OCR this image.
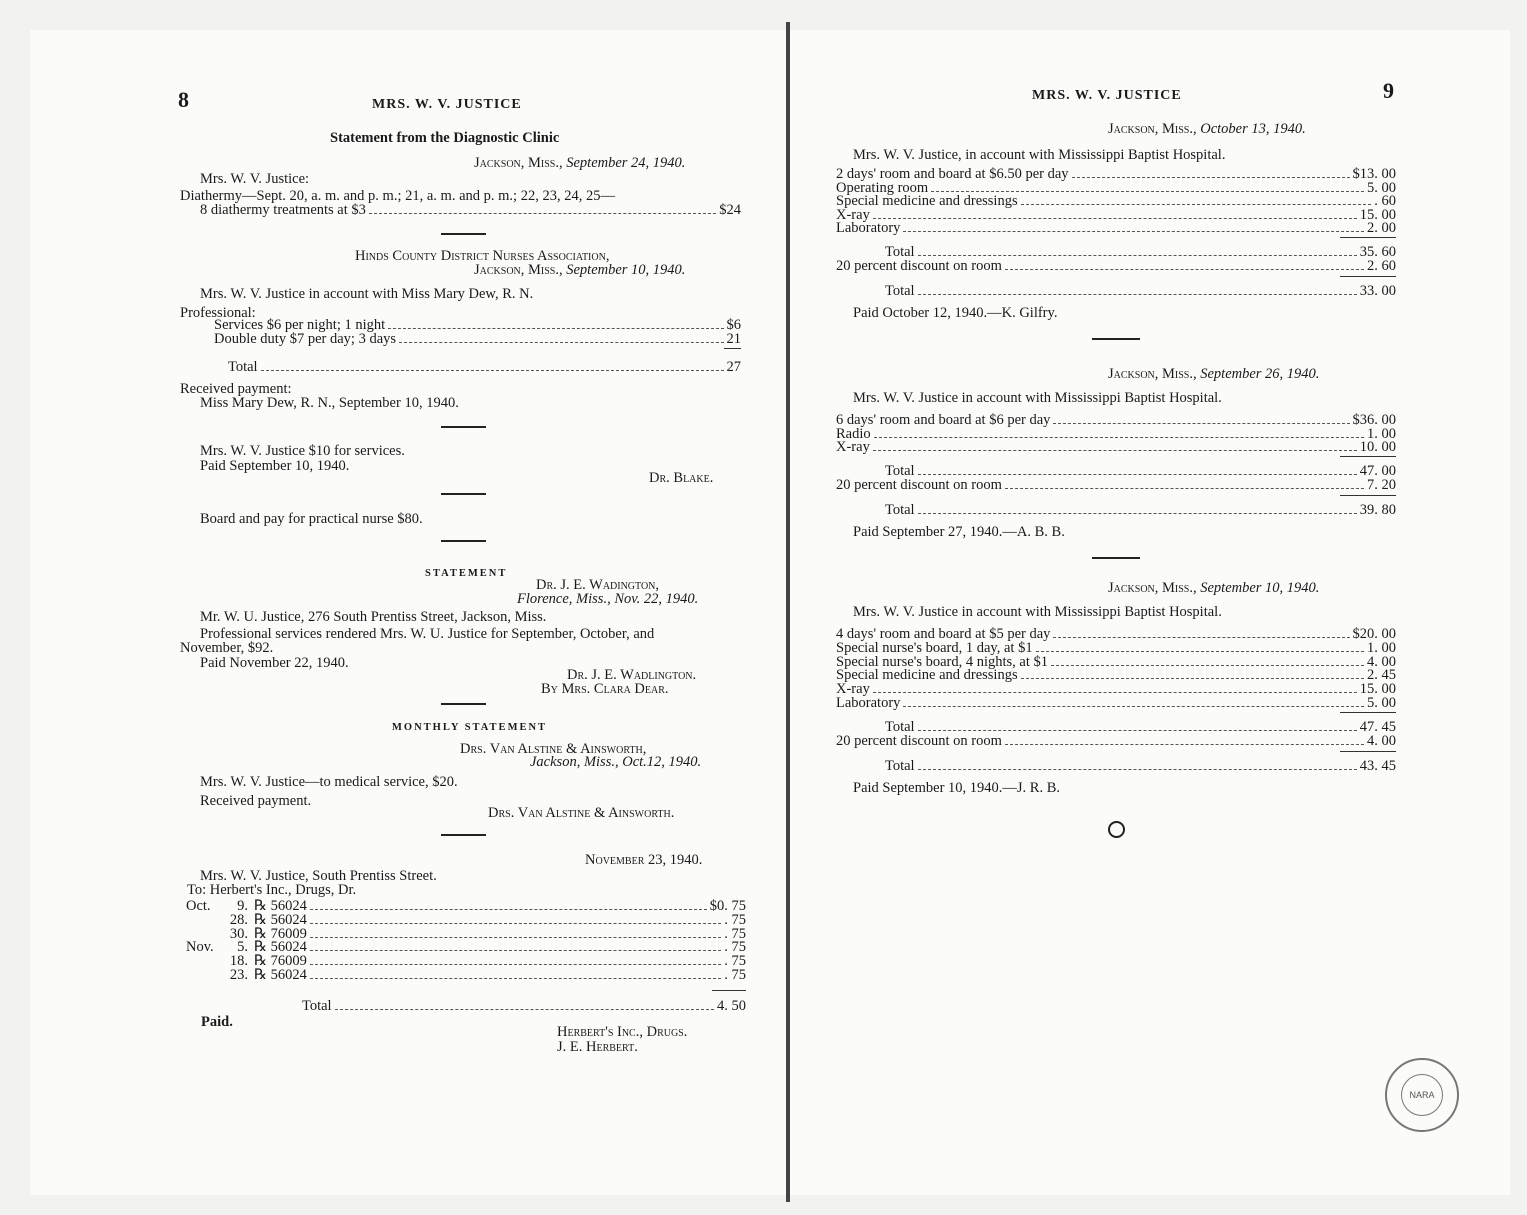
8	MRS. W. V. JUSTICE
Statement from the Diagnostic Clinic
Jackson, Miss., September 24, 1940.
Mrs. W. V. Justice:
Diathermy—Sept. 20, a. m. and p. m.; 21, a. m. and p. m.; 22, 23, 24, 25—
8 diathermy treatments at $3	$24
Hinds County District Nurses Association,
Jackson, Miss., September 10, 1940.
Mrs. W. V. Justice in account with Miss Mary Dew, R. N.
Professional:
Services $6 per night; 1 night	$6
Double duty $7 per day; 3 days	21
Total	27
Received payment:
Miss Mary Dew, R. N., September 10, 1940.
Mrs. W. V. Justice $10 for services.
Paid September 10, 1940.
Dr. Blake.
Board and pay for practical nurse $80.
STATEMENT
Dr. J. E. Wadington,
Florence, Miss., Nov. 22, 1940.
Mr. W. U. Justice, 276 South Prentiss Street, Jackson, Miss.
Professional services rendered Mrs. W. U. Justice for September, October, and
November, $92.
Paid November 22, 1940.
Dr. J. E. Wadlington.
By Mrs. Clara Dear.
MONTHLY STATEMENT
Drs. Van Alstine & Ainsworth,
Jackson, Miss., Oct.12, 1940.
Mrs. W. V. Justice—to medical service, $20.
Received payment.
Drs. Van Alstine & Ainsworth.
November 23, 1940.
Mrs. W. V. Justice, South Prentiss Street.
To: Herbert's Inc., Drugs, Dr.
Oct.	9. ℞ 56024	$0. 75
28. ℞ 56024	. 75
30. ℞ 76009	. 75
Nov.	5. ℞ 56024	. 75
18. ℞ 76009	. 75
23. ℞ 56024	. 75
Total	4. 50
Paid.
Herbert's Inc., Drugs.
J. E. Herbert.
MRS. W. V. JUSTICE	9
Jackson, Miss., October 13, 1940.
Mrs. W. V. Justice, in account with Mississippi Baptist Hospital.
2 days' room and board at $6.50 per day	$13. 00
Operating room	5. 00
Special medicine and dressings	. 60
X-ray	15. 00
Laboratory	2. 00
Total	35. 60
20 percent discount on room	2. 60
Total	33. 00
Paid October 12, 1940.—K. Gilfry.
Jackson, Miss., September 26, 1940.
Mrs. W. V. Justice in account with Mississippi Baptist Hospital.
6 days' room and board at $6 per day	$36. 00
Radio	1. 00
X-ray	10. 00
Total	47. 00
20 percent discount on room	7. 20
Total	39. 80
Paid September 27, 1940.—A. B. B.
Jackson, Miss., September 10, 1940.
Mrs. W. V. Justice in account with Mississippi Baptist Hospital.
4 days' room and board at $5 per day	$20. 00
Special nurse's board, 1 day, at $1	1. 00
Special nurse's board, 4 nights, at $1	4. 00
Special medicine and dressings	2. 45
X-ray	15. 00
Laboratory	5. 00
Total	47. 45
20 percent discount on room	4. 00
Total	43. 45
Paid September 10, 1940.—J. R. B.
NARA
